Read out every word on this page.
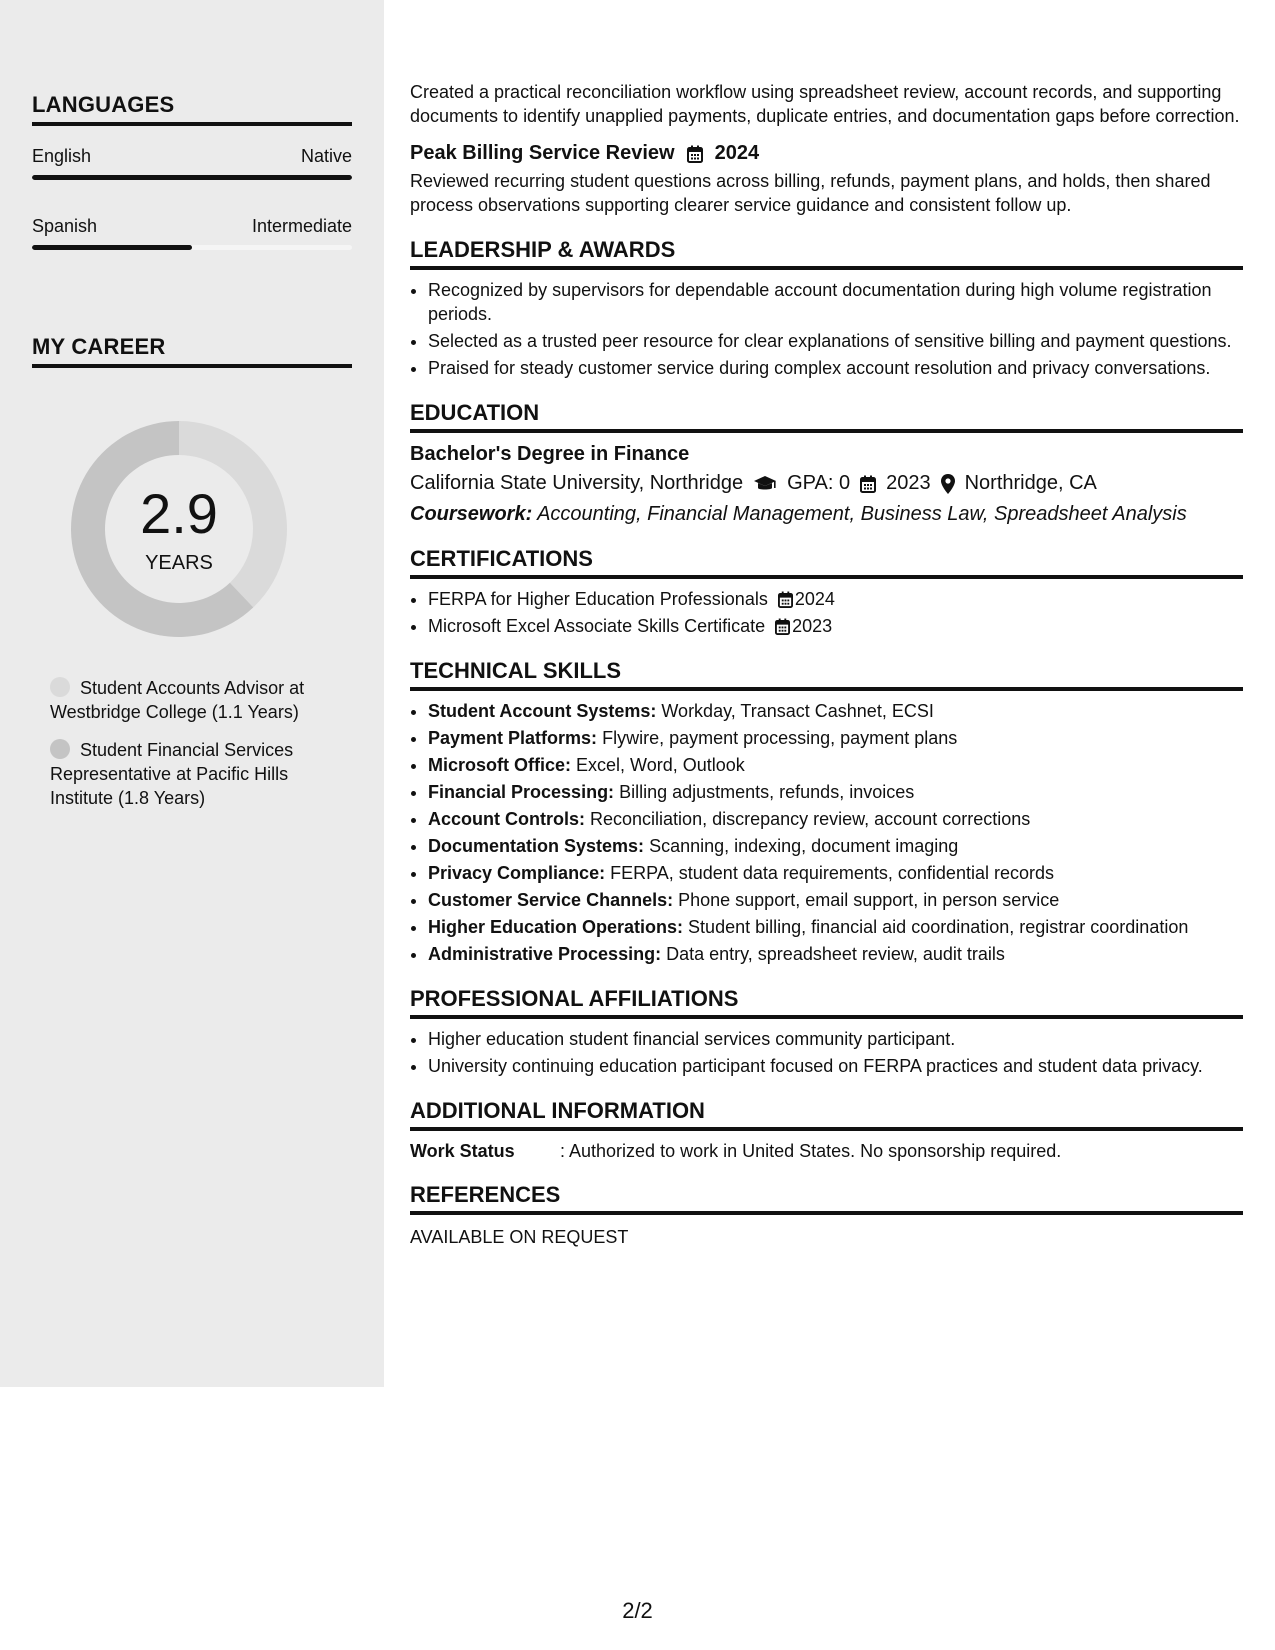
LANGUAGES
English	Native
Spanish	Intermediate
MY CAREER
2.9
YEARS
Student Accounts Advisor at Westbridge College (1.1 Years)
Student Financial Services Representative at Pacific Hills Institute (1.8 Years)

Created a practical reconciliation workflow using spreadsheet review, account records, and supporting documents to identify unapplied payments, duplicate entries, and documentation gaps before correction.

Peak Billing Service Review 2024

Reviewed recurring student questions across billing, refunds, payment plans, and holds, then shared process observations supporting clearer service guidance and consistent follow up.

LEADERSHIP & AWARDS
• Recognized by supervisors for dependable account documentation during high volume registration periods.
• Selected as a trusted peer resource for clear explanations of sensitive billing and payment questions.
• Praised for steady customer service during complex account resolution and privacy conversations.
EDUCATION
Bachelor's Degree in Finance
California State University, Northridge GPA: 0 2023 Northridge, CA
Coursework: Accounting, Financial Management, Business Law, Spreadsheet Analysis
CERTIFICATIONS
• FERPA for Higher Education Professionals 2024
• Microsoft Excel Associate Skills Certificate 2023
TECHNICAL SKILLS
• Student Account Systems: Workday, Transact Cashnet, ECSI
• Payment Platforms: Flywire, payment processing, payment plans
• Microsoft Office: Excel, Word, Outlook
• Financial Processing: Billing adjustments, refunds, invoices
• Account Controls: Reconciliation, discrepancy review, account corrections
• Documentation Systems: Scanning, indexing, document imaging
• Privacy Compliance: FERPA, student data requirements, confidential records
• Customer Service Channels: Phone support, email support, in person service
• Higher Education Operations: Student billing, financial aid coordination, registrar coordination
• Administrative Processing: Data entry, spreadsheet review, audit trails
PROFESSIONAL AFFILIATIONS
• Higher education student financial services community participant.
• University continuing education participant focused on FERPA practices and student data privacy.
ADDITIONAL INFORMATION
Work Status	: Authorized to work in United States. No sponsorship required.
REFERENCES

AVAILABLE ON REQUEST

2/2
